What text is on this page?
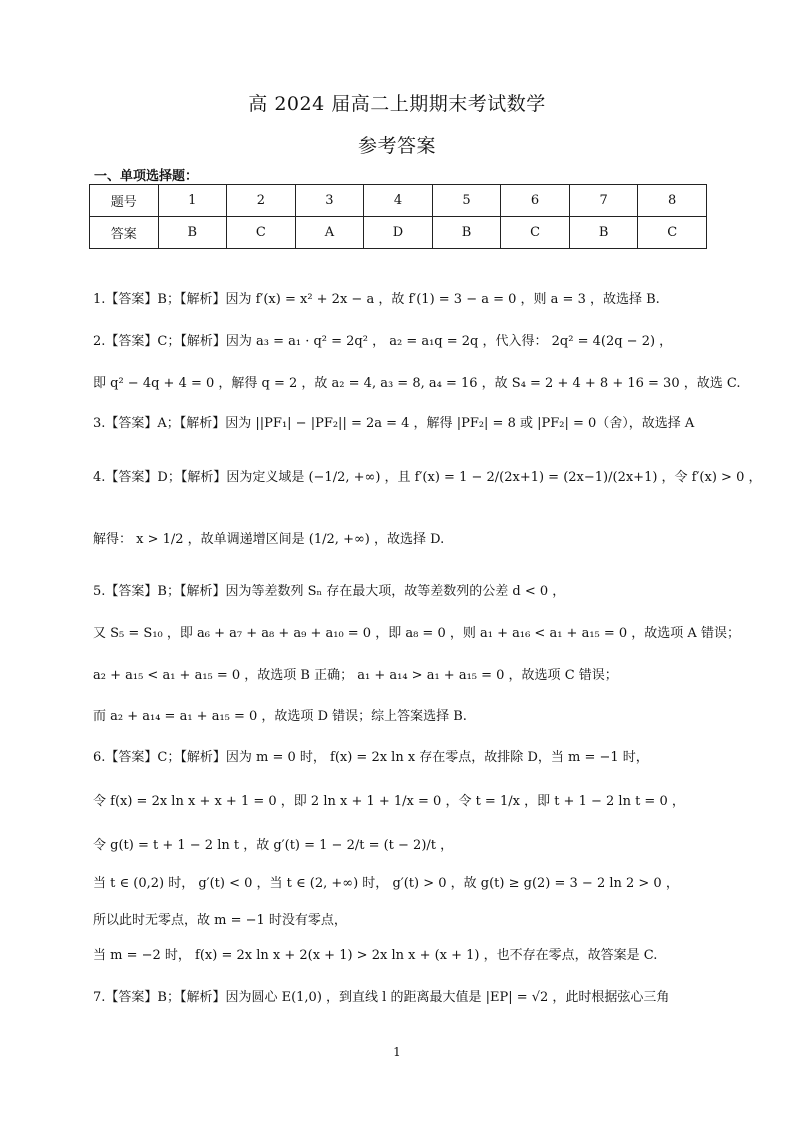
高 2024 届高二上期期末考试数学
参考答案
一、单项选择题：
题号	1	2	3	4	5	6	7	8
答案	B	C	A	D	B	C	B	C
1.【答案】B；【解析】因为 f′(x) = x² + 2x − a ，故 f′(1) = 3 − a = 0 ，则 a = 3 ，故选择 B.
2.【答案】C；【解析】因为 a₃ = a₁ · q² = 2q² ， a₂ = a₁q = 2q ，代入得： 2q² = 4(2q − 2) ，
即 q² − 4q + 4 = 0 ，解得 q = 2 ，故 a₂ = 4, a₃ = 8, a₄ = 16 ，故 S₄ = 2 + 4 + 8 + 16 = 30 ，故选 C.
3.【答案】A；【解析】因为 ||PF₁| − |PF₂|| = 2a = 4 ，解得 |PF₂| = 8 或 |PF₂| = 0（舍），故选择 A
4.【答案】D；【解析】因为定义域是 (−1/2, +∞) ，且 f′(x) = 1 − 2/(2x+1) = (2x−1)/(2x+1) ，令 f′(x) > 0 ，
解得： x > 1/2 ，故单调递增区间是 (1/2, +∞) ，故选择 D.
5.【答案】B；【解析】因为等差数列 Sₙ 存在最大项，故等差数列的公差 d < 0 ，
又 S₅ = S₁₀ ，即 a₆ + a₇ + a₈ + a₉ + a₁₀ = 0 ，即 a₈ = 0 ，则 a₁ + a₁₆ < a₁ + a₁₅ = 0 ，故选项 A 错误；
a₂ + a₁₅ < a₁ + a₁₅ = 0 ，故选项 B 正确； a₁ + a₁₄ > a₁ + a₁₅ = 0 ，故选项 C 错误；
而 a₂ + a₁₄ = a₁ + a₁₅ = 0 ，故选项 D 错误；综上答案选择 B.
6.【答案】C；【解析】因为 m = 0 时， f(x) = 2x ln x 存在零点，故排除 D，当 m = −1 时，
令 f(x) = 2x ln x + x + 1 = 0 ，即 2 ln x + 1 + 1/x = 0 ，令 t = 1/x ，即 t + 1 − 2 ln t = 0 ，
令 g(t) = t + 1 − 2 ln t ，故 g′(t) = 1 − 2/t = (t − 2)/t ，
当 t ∈ (0,2) 时， g′(t) < 0 ，当 t ∈ (2, +∞) 时， g′(t) > 0 ，故 g(t) ≥ g(2) = 3 − 2 ln 2 > 0 ，
所以此时无零点，故 m = −1 时没有零点，
当 m = −2 时， f(x) = 2x ln x + 2(x + 1) > 2x ln x + (x + 1) ，也不存在零点，故答案是 C.
7.【答案】B；【解析】因为圆心 E(1,0) ，到直线 l 的距离最大值是 |EP| = √2 ，此时根据弦心三角
1
